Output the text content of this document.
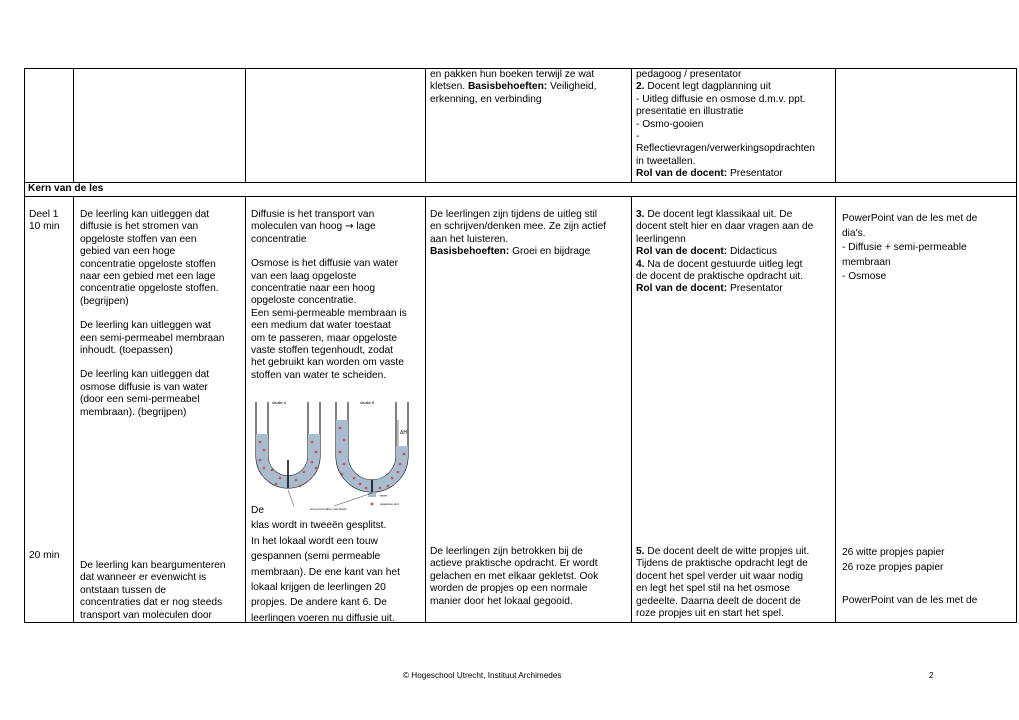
en pakken hun boeken terwijl ze wat

kletsen. Basisbehoeften: Veiligheid,

erkenning, en verbinding

pedagoog / presentator

2. Docent legt dagplanning uit

- Uitleg diffusie en osmose d.m.v. ppt.

presentatie en illustratie

- Osmo-gooien

-

Reflectievragen/verwerkingsopdrachten

in tweetallen.

Rol van de docent: Presentator

Kern van de les

Deel 1

10 min

De leerling kan uitleggen dat

diffusie is het stromen van

opgeloste stoffen van een

gebied van een hoge

concentratie opgeloste stoffen

naar een gebied met een lage

concentratie opgeloste stoffen.

(begrijpen)

De leerling kan uitleggen wat

een semi-permeabel membraan

inhoudt. (toepassen)

De leerling kan uitleggen dat

osmose diffusie is van water

(door een semi-permeabel

membraan). (begrijpen)

Diffusie is het transport van

moleculen van hoog → lage

concentratie

Osmose is het diffusie van water

van een laag opgeloste

concentratie naar een hoog

opgeloste concentratie.

Een semi-permeable membraan is

een medium dat water toestaat

om te passeren, maar opgeloste

vaste stoffen tegenhoudt, zodat

het gebruikt kan worden om vaste

stoffen van water te scheiden.

situatie A	situatie B
ΔH
semi-permeable membraan
water
opgeloste stof

De leerlingen zijn tijdens de uitleg stil

en schrijven/denken mee. Ze zijn actief

aan het luisteren.

Basisbehoeften: Groei en bijdrage

3. De docent legt klassikaal uit. De

docent stelt hier en daar vragen aan de

leerlingenn

Rol van de docent: Didacticus

4. Na de docent gestuurde uitleg legt

de docent de praktische opdracht uit.

Rol van de docent: Presentator

PowerPoint van de les met de

dia's.

- Diffusie + semi-permeable

membraan

- Osmose

20 min

De leerling kan beargumenteren

dat wanneer er evenwicht is

ontstaan tussen de

concentraties dat er nog steeds

transport van moleculen door

De

klas wordt in tweeën gesplitst.

In het lokaal wordt een touw

gespannen (semi permeable

membraan). De ene kant van het

lokaal krijgen de leerlingen 20

propjes. De andere kant 6. De

leerlingen voeren nu diffusie uit.

De leerlingen zijn betrokken bij de

actieve praktische opdracht. Er wordt

gelachen en met elkaar gekletst. Ook

worden de propjes op een normale

manier door het lokaal gegooid.

5. De docent deelt de witte propjes uit.

Tijdens de praktische opdracht legt de

docent het spel verder uit waar nodig

en legt het spel stil na het osmose

gedeelte. Daarna deelt de docent de

roze propjes uit en start het spel.

26 witte propjes papier

26 roze propjes papier

PowerPoint van de les met de

© Hogeschool Utrecht, Instituut Archimedes	2
